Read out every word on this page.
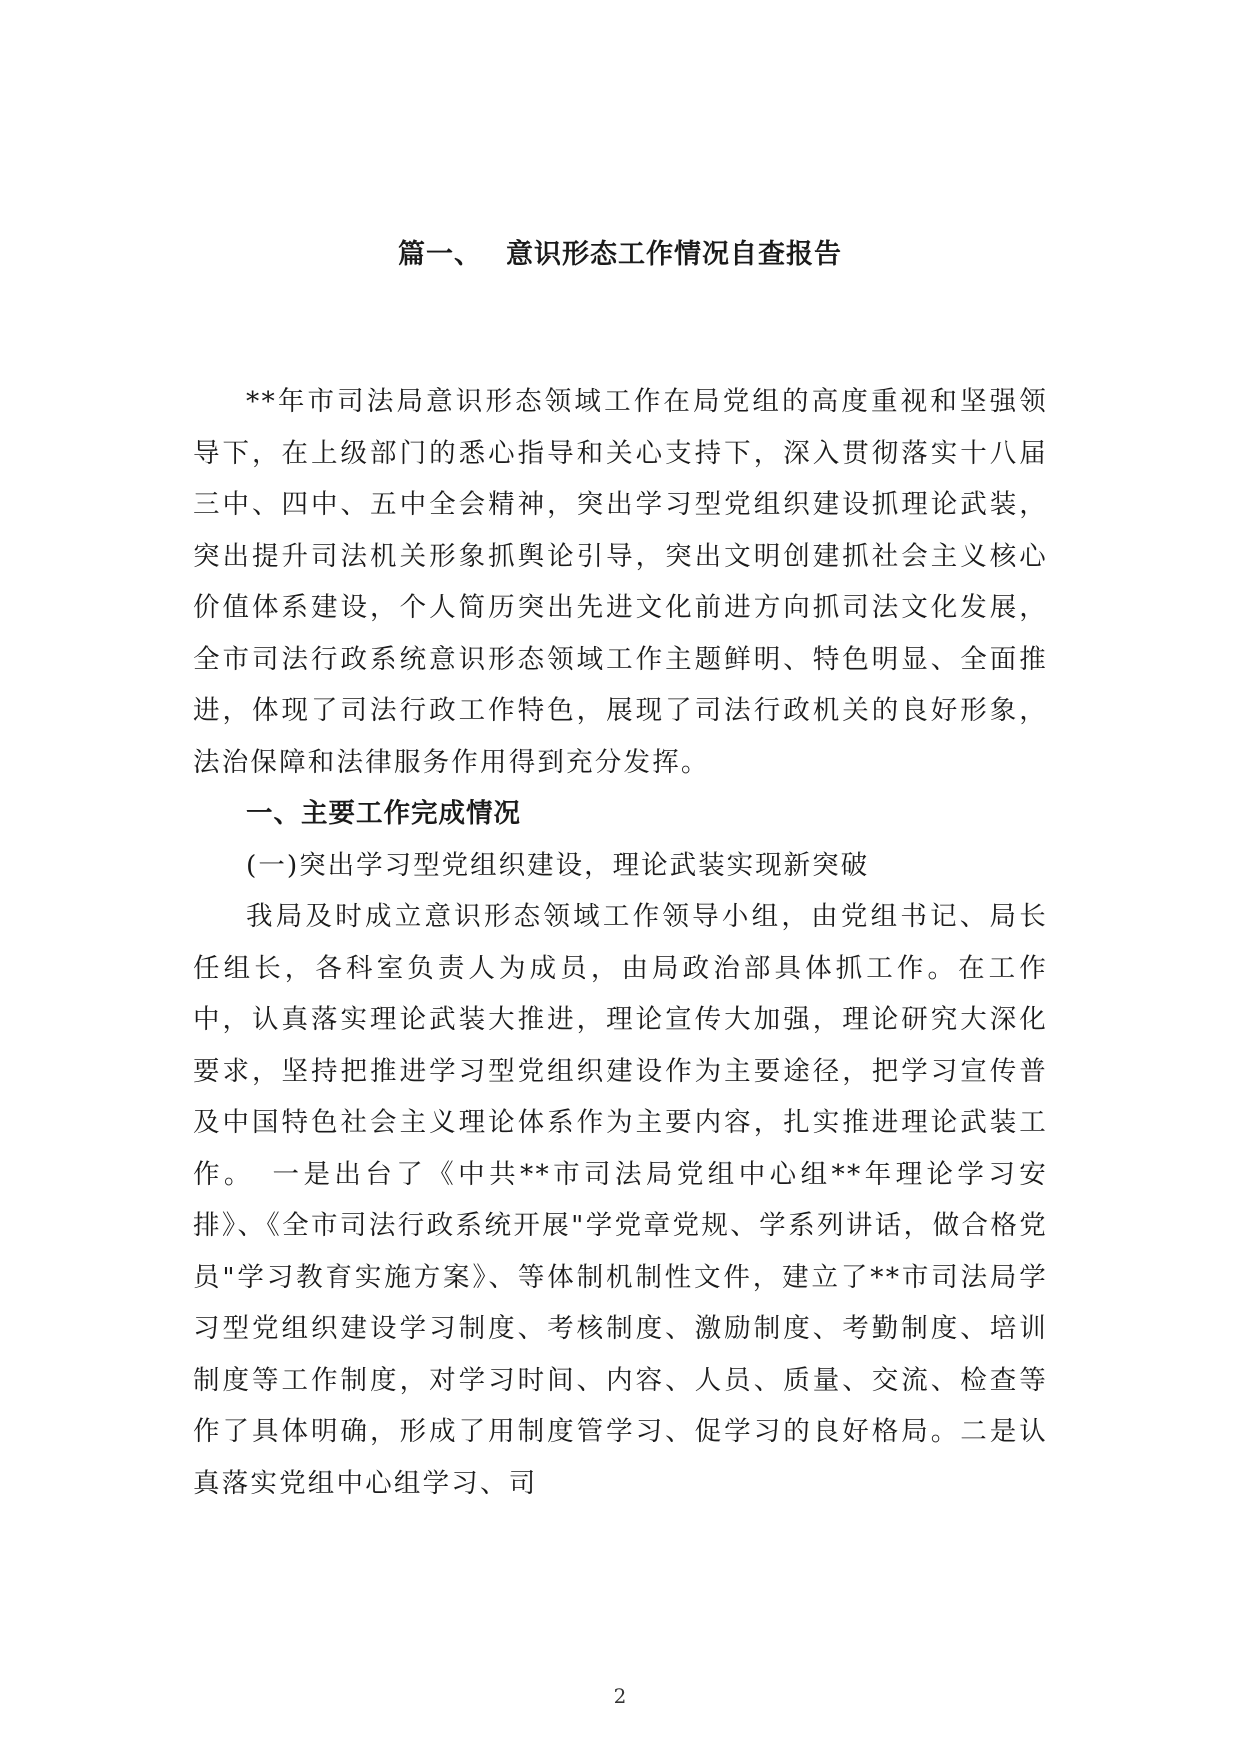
篇一、 意识形态工作情况自查报告

**年市司法局意识形态领域工作在局党组的高度重视和坚强领导下，在上级部门的悉心指导和关心支持下，深入贯彻落实十八届三中、四中、五中全会精神，突出学习型党组织建设抓理论武装，突出提升司法机关形象抓舆论引导，突出文明创建抓社会主义核心价值体系建设，个人简历突出先进文化前进方向抓司法文化发展，全市司法行政系统意识形态领域工作主题鲜明、特色明显、全面推进，体现了司法行政工作特色，展现了司法行政机关的良好形象，法治保障和法律服务作用得到充分发挥。

一、主要工作完成情况

(一)突出学习型党组织建设，理论武装实现新突破

我局及时成立意识形态领域工作领导小组，由党组书记、局长任组长，各科室负责人为成员，由局政治部具体抓工作。在工作中，认真落实理论武装大推进，理论宣传大加强，理论研究大深化要求，坚持把推进学习型党组织建设作为主要途径，把学习宣传普及中国特色社会主义理论体系作为主要内容，扎实推进理论武装工作。　一是出台了《中共**市司法局党组中心组**年理论学习安排》、《全市司法行政系统开展"学党章党规、学系列讲话，做合格党员"学习教育实施方案》、等体制机制性文件，建立了**市司法局学习型党组织建设学习制度、考核制度、激励制度、考勤制度、培训制度等工作制度，对学习时间、内容、人员、质量、交流、检查等作了具体明确，形成了用制度管学习、促学习的良好格局。二是认真落实党组中心组学习、司

2
